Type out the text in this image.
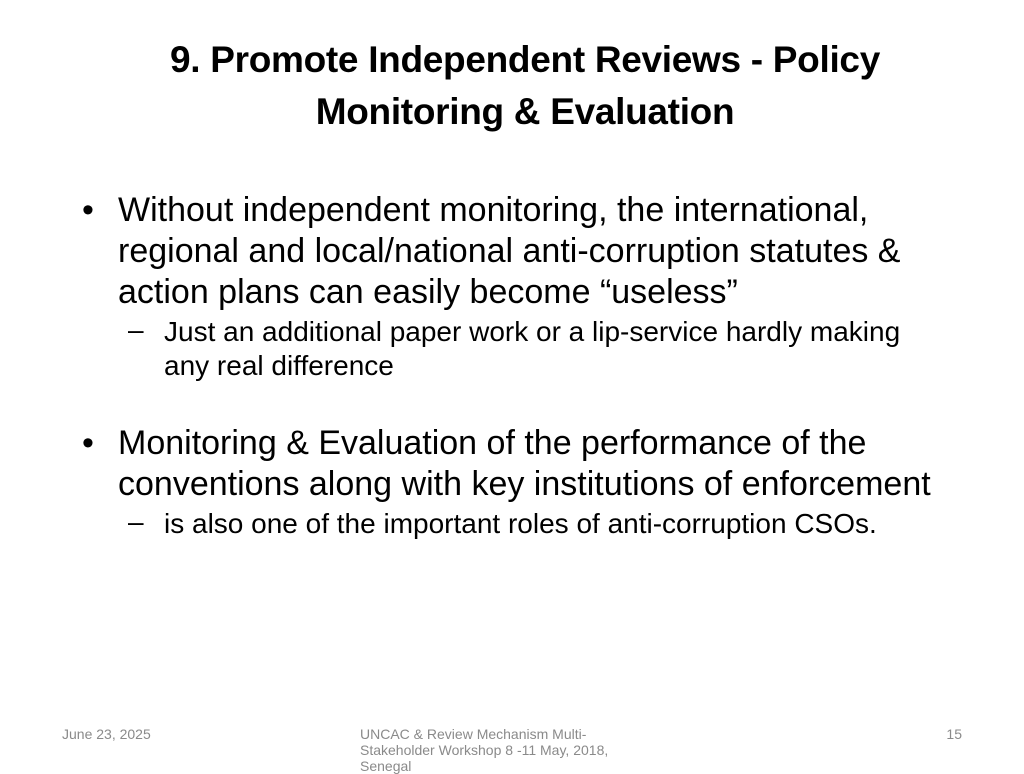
9. Promote Independent Reviews - Policy Monitoring & Evaluation
• Without independent monitoring, the international, regional and local/national anti-corruption statutes & action plans can easily become “useless”
– Just an additional paper work or a lip-service hardly making any real difference
• Monitoring & Evaluation of the performance of the conventions along with key institutions of enforcement
– is also one of the important roles of anti-corruption CSOs.
June 23, 2025	UNCAC & Review Mechanism Multi-Stakeholder Workshop 8 -11 May, 2018, Senegal
15
